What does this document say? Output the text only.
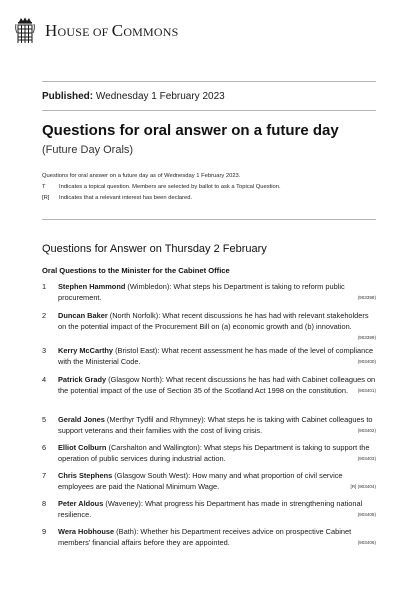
HOUSE OF COMMONS
Published: Wednesday 1 February 2023
Questions for oral answer on a future day
(Future Day Orals)
Questions for oral answer on a future day as of Wednesday 1 February 2023.
T	Indicates a topical question. Members are selected by ballot to ask a Topical Question.
[R]	Indicates that a relevant interest has been declared.
Questions for Answer on Thursday 2 February
Oral Questions to the Minister for the Cabinet Office
1	Stephen Hammond (Wimbledon): What steps his Department is taking to reform public procurement.	(903398)
2	Duncan Baker (North Norfolk): What recent discussions he has had with relevant stakeholders on the potential impact of the Procurement Bill on (a) economic growth and (b) innovation.
(903399)
3	Kerry McCarthy (Bristol East): What recent assessment he has made of the level of compliance with the Ministerial Code.	(903400)
4	Patrick Grady (Glasgow North): What recent discussions he has had with Cabinet colleagues on the potential impact of the use of Section 35 of the Scotland Act 1998 on the constitution. (903401)
5	Gerald Jones (Merthyr Tydfil and Rhymney): What steps he is taking with Cabinet colleagues to support veterans and their families with the cost of living crisis.	(903402)
6	Elliot Colburn (Carshalton and Wallington): What steps his Department is taking to support the operation of public services during industrial action.	(903403)
7	Chris Stephens (Glasgow South West): How many and what proportion of civil service employees are paid the National Minimum Wage.	[R] (903404)
8	Peter Aldous (Waveney): What progress his Department has made in strengthening national resilience.	(903405)
9	Wera Hobhouse (Bath): Whether his Department receives advice on prospective Cabinet members' financial affairs before they are appointed.	(903406)
